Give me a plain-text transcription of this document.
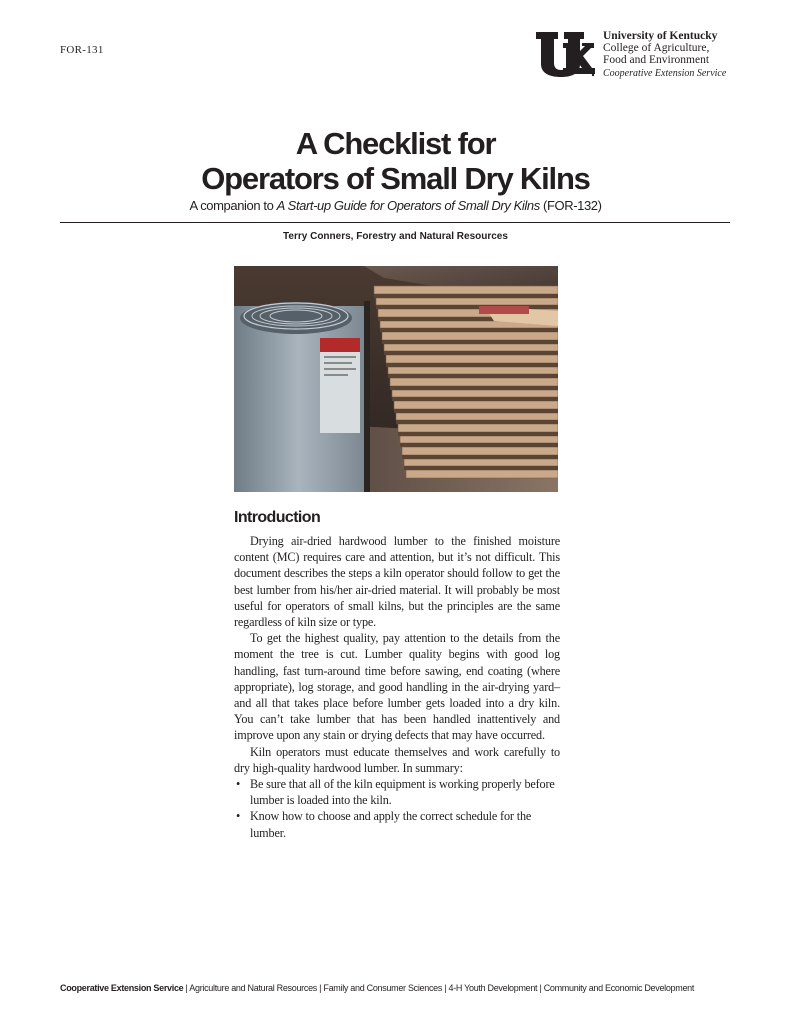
FOR-131
University of Kentucky
College of Agriculture,
Food and Environment
Cooperative Extension Service
A Checklist for
Operators of Small Dry Kilns
A companion to A Start-up Guide for Operators of Small Dry Kilns (FOR-132)
Terry Conners, Forestry and Natural Resources
Introduction

Drying air-dried hardwood lumber to the finished moisture content (MC) requires care and attention, but it’s not difficult. This document describes the steps a kiln operator should follow to get the best lumber from his/her air-dried material. It will probably be most useful for operators of small kilns, but the principles are the same regardless of kiln size or type.

To get the highest quality, pay attention to the details from the moment the tree is cut. Lumber quality begins with good log handling, fast turn-around time before sawing, end coating (where appropriate), log storage, and good handling in the air-drying yard–and all that takes place before lumber gets loaded into a dry kiln. You can’t take lumber that has been handled inattentively and improve upon any stain or drying defects that may have occurred.

Kiln operators must educate themselves and work carefully to dry high-quality hardwood lumber. In summary:

• Be sure that all of the kiln equipment is working properly before lumber is loaded into the kiln.
• Know how to choose and apply the correct schedule for the lumber.
Cooperative Extension Service | Agriculture and Natural Resources | Family and Consumer Sciences | 4-H Youth Development | Community and Economic Development
